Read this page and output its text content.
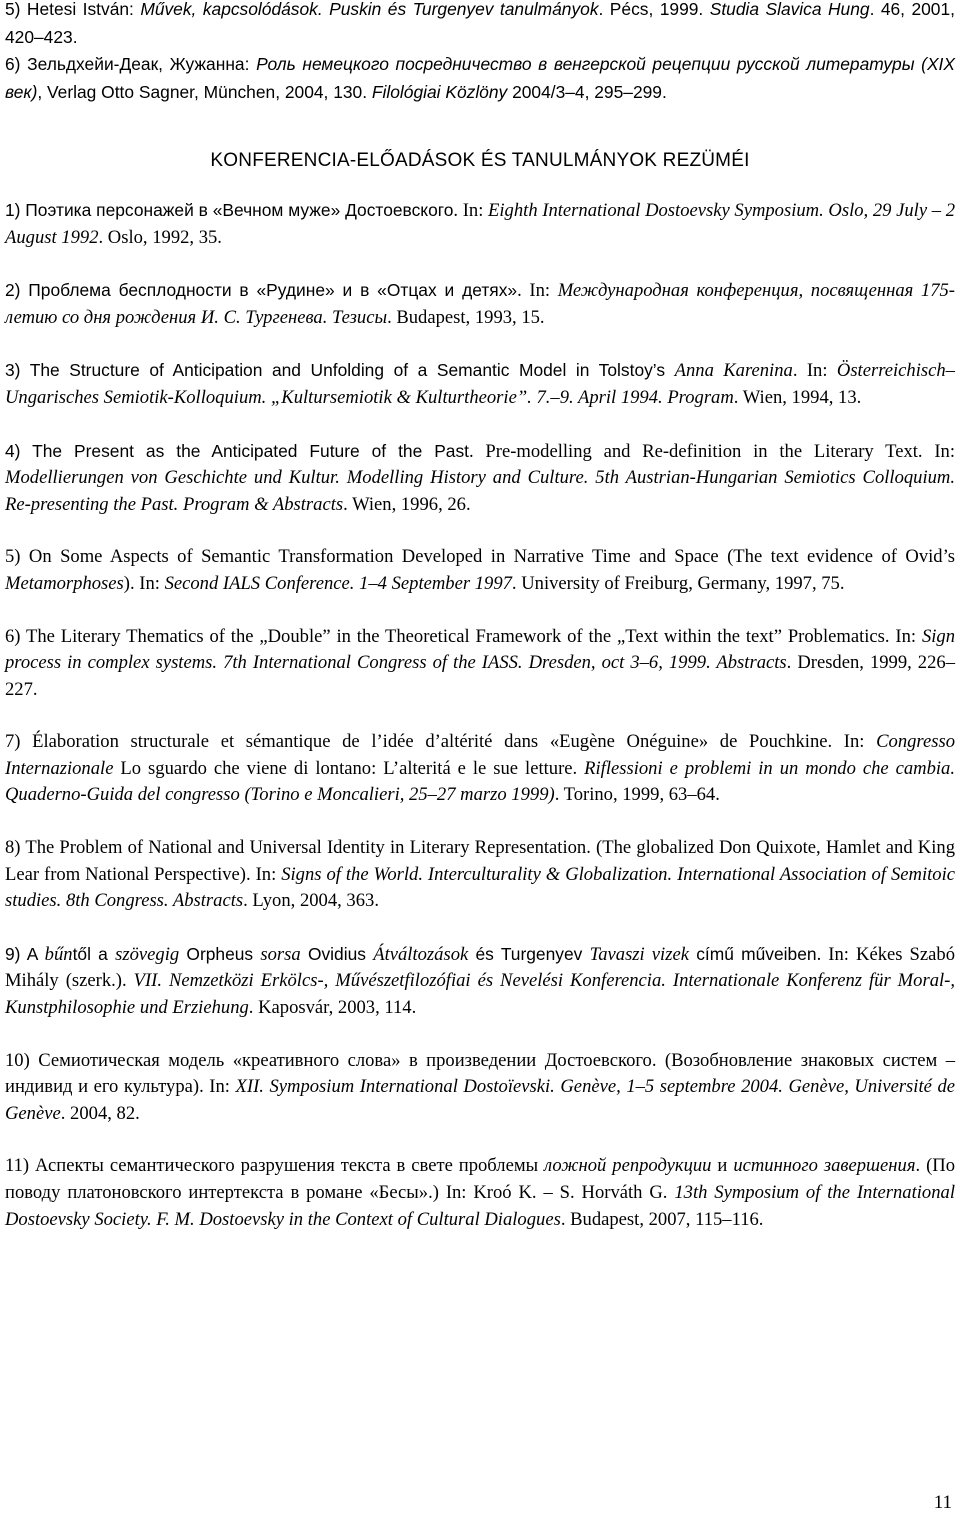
5) Hetesi István: Művek, kapcsolódások. Puskin és Turgenyev tanulmányok. Pécs, 1999. Studia Slavica Hung. 46, 2001, 420–423.

6) Зельдхейи-Деак, Жужанна: Роль немецкого посредничество в венгерской рецепции русской литературы (XIX век), Verlag Otto Sagner, München, 2004, 130. Filológiai Közlöny 2004/3–4, 295–299.

KONFERENCIA-ELŐADÁSOK ÉS TANULMÁNYOK REZÜMÉI

1) Поэтика персонажей в «Вечном муже» Достоевского. In: Eighth International Dostoevsky Symposium. Oslo, 29 July – 2 August 1992. Oslo, 1992, 35.

2) Проблема бесплодности в «Рудине» и в «Отцах и детях». In: Международная конференция, посвященная 175-летию со дня рождения И. С. Тургенева. Тезисы. Budapest, 1993, 15.

3) The Structure of Anticipation and Unfolding of a Semantic Model in Tolstoy’s Anna Karenina. In: Österreichisch–Ungarisches Semiotik-Kolloquium. „Kultursemiotik & Kulturtheorie”. 7.–9. April 1994. Program. Wien, 1994, 13.

4) The Present as the Anticipated Future of the Past. Pre-modelling and Re-definition in the Literary Text. In: Modellierungen von Geschichte und Kultur. Modelling History and Culture. 5th Austrian-Hungarian Semiotics Colloquium. Re-presenting the Past. Program & Abstracts. Wien, 1996, 26.

5) On Some Aspects of Semantic Transformation Developed in Narrative Time and Space (The text evidence of Ovid’s Metamorphoses). In: Second IALS Conference. 1–4 September 1997. University of Freiburg, Germany, 1997, 75.

6) The Literary Thematics of the „Double” in the Theoretical Framework of the „Text within the text” Problematics. In: Sign process in complex systems. 7th International Congress of the IASS. Dresden, oct 3–6, 1999. Abstracts. Dresden, 1999, 226–227.

7) Élaboration structurale et sémantique de l’idée d’altérité dans «Eugène Onéguine» de Pouchkine. In: Congresso Internazionale Lo sguardo che viene di lontano: L’alteritá e le sue letture. Riflessioni e problemi in un mondo che cambia. Quaderno-Guida del congresso (Torino e Moncalieri, 25–27 marzo 1999). Torino, 1999, 63–64.

8) The Problem of National and Universal Identity in Literary Representation. (The globalized Don Quixote, Hamlet and King Lear from National Perspective). In: Signs of the World. Interculturality & Globalization. International Association of Semitoic studies. 8th Congress. Abstracts. Lyon, 2004, 363.

9) A bűntől a szövegig Orpheus sorsa Ovidius Átváltozások és Turgenyev Tavaszi vizek című műveiben. In: Kékes Szabó Mihály (szerk.). VII. Nemzetközi Erkölcs-, Művészetfilozófiai és Nevelési Konferencia. Internationale Konferenz für Moral-, Kunstphilosophie und Erziehung. Kaposvár, 2003, 114.

10) Семиотическая модель «креативного слова» в произведении Достоевского. (Возобновление знаковых систем – индивид и его культура). In: XII. Symposium International Dostoïevski. Genève, 1–5 septembre 2004. Genève, Université de Genève. 2004, 82.

11) Аспекты семантического разрушения текста в свете проблемы ложной репродукции и истинного завершения. (По поводу платоновского интертекста в романе «Бесы».) In: Kroó K. – S. Horváth G. 13th Symposium of the International Dostoevsky Society. F. M. Dostoevsky in the Context of Cultural Dialogues. Budapest, 2007, 115–116.

11
